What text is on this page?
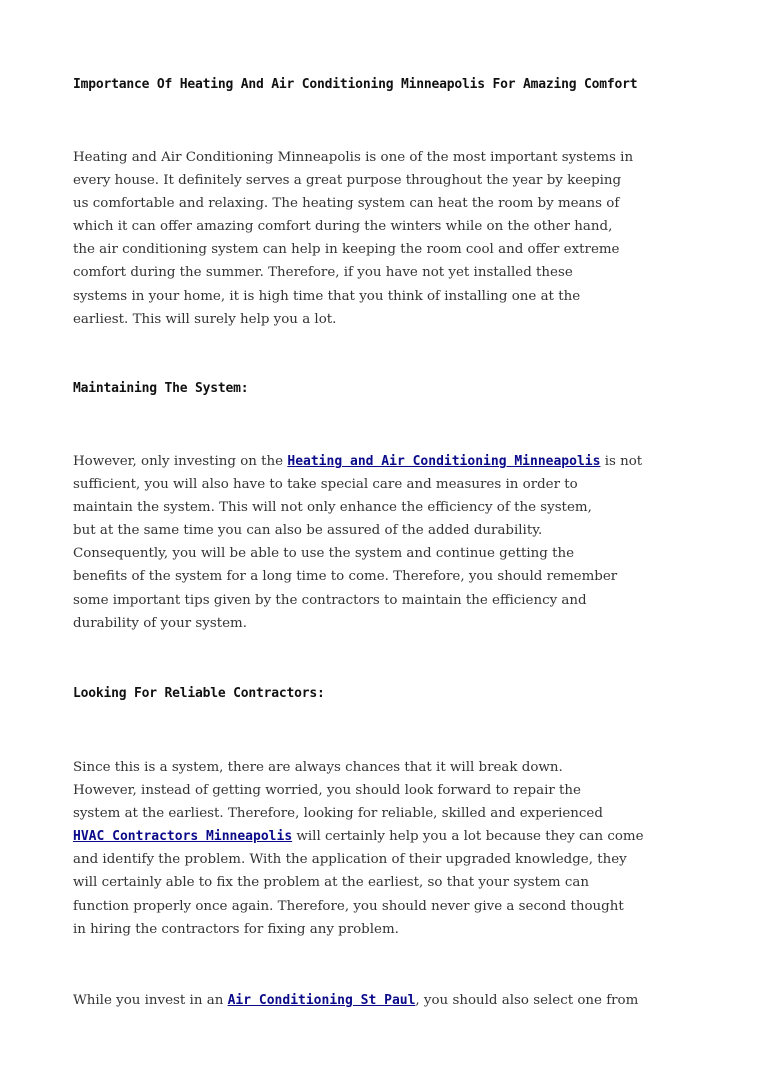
Importance Of Heating And Air Conditioning Minneapolis For Amazing Comfort

Heating and Air Conditioning Minneapolis is one of the most important systems in
every house. It definitely serves a great purpose throughout the year by keeping
us comfortable and relaxing. The heating system can heat the room by means of
which it can offer amazing comfort during the winters while on the other hand,
the air conditioning system can help in keeping the room cool and offer extreme
comfort during the summer. Therefore, if you have not yet installed these
systems in your home, it is high time that you think of installing one at the
earliest. This will surely help you a lot.

Maintaining The System:

However, only investing on the Heating and Air Conditioning Minneapolis is not
sufficient, you will also have to take special care and measures in order to
maintain the system. This will not only enhance the efficiency of the system,
but at the same time you can also be assured of the added durability.
Consequently, you will be able to use the system and continue getting the
benefits of the system for a long time to come. Therefore, you should remember
some important tips given by the contractors to maintain the efficiency and
durability of your system.

Looking For Reliable Contractors:

Since this is a system, there are always chances that it will break down.
However, instead of getting worried, you should look forward to repair the
system at the earliest. Therefore, looking for reliable, skilled and experienced
HVAC Contractors Minneapolis will certainly help you a lot because they can come
and identify the problem. With the application of their upgraded knowledge, they
will certainly able to fix the problem at the earliest, so that your system can
function properly once again. Therefore, you should never give a second thought
in hiring the contractors for fixing any problem.

While you invest in an Air Conditioning St Paul, you should also select one from
